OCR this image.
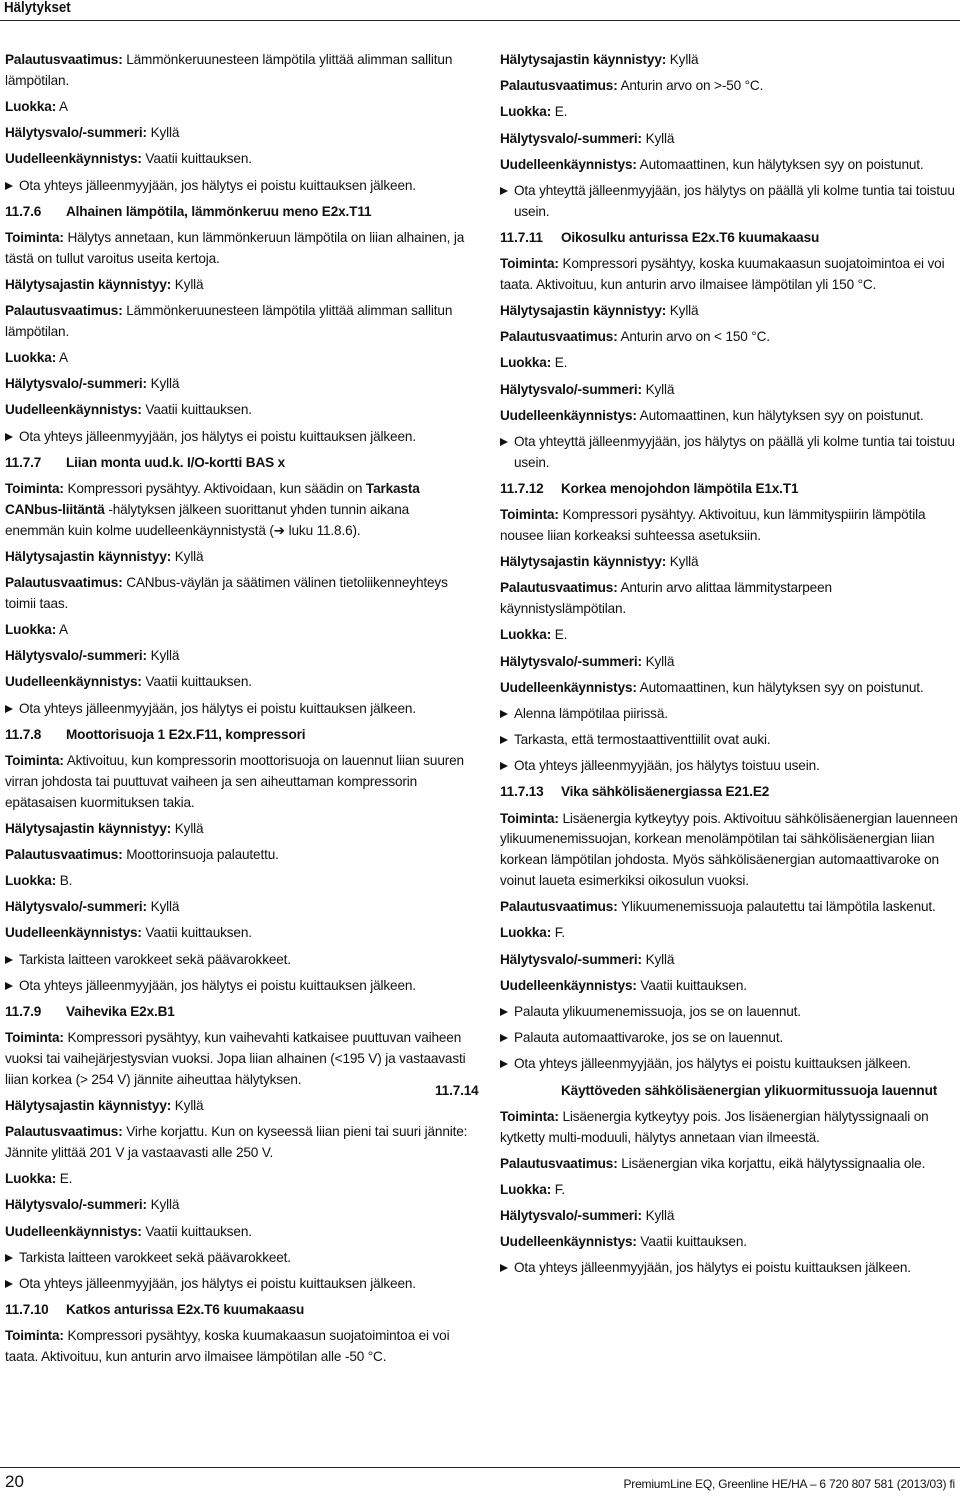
Hälytykset

Palautusvaatimus: Lämmönkeruunesteen lämpötila ylittää alimman sallitun lämpötilan.

Luokka: A

Hälytysvalo/-summeri: Kyllä

Uudelleenkäynnistys: Vaatii kuittauksen.

Ota yhteys jälleenmyyjään, jos hälytys ei poistu kuittauksen jälkeen.

11.7.6 Alhainen lämpötila, lämmönkeruu meno E2x.T11

Toiminta: Hälytys annetaan, kun lämmönkeruun lämpötila on liian alhainen, ja tästä on tullut varoitus useita kertoja.

Hälytysajastin käynnistyy: Kyllä

Palautusvaatimus: Lämmönkeruunesteen lämpötila ylittää alimman sallitun lämpötilan.

Luokka: A

Hälytysvalo/-summeri: Kyllä

Uudelleenkäynnistys: Vaatii kuittauksen.

Ota yhteys jälleenmyyjään, jos hälytys ei poistu kuittauksen jälkeen.

11.7.7 Liian monta uud.k. I/O-kortti BAS x

Toiminta: Kompressori pysähtyy. Aktivoidaan, kun säädin on Tarkasta CANbus-liitäntä -hälytyksen jälkeen suorittanut yhden tunnin aikana enemmän kuin kolme uudelleenkäynnistystä (➔ luku 11.8.6).

Hälytysajastin käynnistyy: Kyllä

Palautusvaatimus: CANbus-väylän ja säätimen välinen tietoliikenneyhteys toimii taas.

Luokka: A

Hälytysvalo/-summeri: Kyllä

Uudelleenkäynnistys: Vaatii kuittauksen.

Ota yhteys jälleenmyyjään, jos hälytys ei poistu kuittauksen jälkeen.

11.7.8 Moottorisuoja 1 E2x.F11, kompressori

Toiminta: Aktivoituu, kun kompressorin moottorisuoja on lauennut liian suuren virran johdosta tai puuttuvat vaiheen ja sen aiheuttaman kompressorin epätasaisen kuormituksen takia.

Hälytysajastin käynnistyy: Kyllä

Palautusvaatimus: Moottorinsuoja palautettu.

Luokka: B.

Hälytysvalo/-summeri: Kyllä

Uudelleenkäynnistys: Vaatii kuittauksen.

Tarkista laitteen varokkeet sekä päävarokkeet.

Ota yhteys jälleenmyyjään, jos hälytys ei poistu kuittauksen jälkeen.

11.7.9 Vaihevika E2x.B1

Toiminta: Kompressori pysähtyy, kun vaihevahti katkaisee puuttuvan vaiheen vuoksi tai vaihejärjestysvian vuoksi. Jopa liian alhainen (<195 V) ja vastaavasti liian korkea (> 254 V) jännite aiheuttaa hälytyksen.

Hälytysajastin käynnistyy: Kyllä

Palautusvaatimus: Virhe korjattu. Kun on kyseessä liian pieni tai suuri jännite: Jännite ylittää 201 V ja vastaavasti alle 250 V.

Luokka: E.

Hälytysvalo/-summeri: Kyllä

Uudelleenkäynnistys: Vaatii kuittauksen.

Tarkista laitteen varokkeet sekä päävarokkeet.

Ota yhteys jälleenmyyjään, jos hälytys ei poistu kuittauksen jälkeen.

11.7.10 Katkos anturissa E2x.T6 kuumakaasu

Toiminta: Kompressori pysähtyy, koska kuumakaasun suojatoimintoa ei voi taata. Aktivoituu, kun anturin arvo ilmaisee lämpötilan alle -50 °C.

Hälytysajastin käynnistyy: Kyllä

Palautusvaatimus: Anturin arvo on >-50 °C.

Luokka: E.

Hälytysvalo/-summeri: Kyllä

Uudelleenkäynnistys: Automaattinen, kun hälytyksen syy on poistunut.

Ota yhteyttä jälleenmyyjään, jos hälytys on päällä yli kolme tuntia tai toistuu usein.

11.7.11 Oikosulku anturissa E2x.T6 kuumakaasu

Toiminta: Kompressori pysähtyy, koska kuumakaasun suojatoimintoa ei voi taata. Aktivoituu, kun anturin arvo ilmaisee lämpötilan yli 150 °C.

Hälytysajastin käynnistyy: Kyllä

Palautusvaatimus: Anturin arvo on < 150 °C.

Luokka: E.

Hälytysvalo/-summeri: Kyllä

Uudelleenkäynnistys: Automaattinen, kun hälytyksen syy on poistunut.

Ota yhteyttä jälleenmyyjään, jos hälytys on päällä yli kolme tuntia tai toistuu usein.

11.7.12 Korkea menojohdon lämpötila E1x.T1

Toiminta: Kompressori pysähtyy. Aktivoituu, kun lämmityspiirin lämpötila nousee liian korkeaksi suhteessa asetuksiin.

Hälytysajastin käynnistyy: Kyllä

Palautusvaatimus: Anturin arvo alittaa lämmitystarpeen käynnistyslämpötilan.

Luokka: E.

Hälytysvalo/-summeri: Kyllä

Uudelleenkäynnistys: Automaattinen, kun hälytyksen syy on poistunut.

Alenna lämpötilaa piirissä.

Tarkasta, että termostaattiventtiilit ovat auki.

Ota yhteys jälleenmyyjään, jos hälytys toistuu usein.

11.7.13 Vika sähkölisäenergiassa E21.E2

Toiminta: Lisäenergia kytkeytyy pois. Aktivoituu sähkölisäenergian lauenneen ylikuumenemissuojan, korkean menolämpötilan tai sähkölisäenergian liian korkean lämpötilan johdosta. Myös sähkölisäenergian automaattivaroke on voinut laueta esimerkiksi oikosulun vuoksi.

Palautusvaatimus: Ylikuumenemissuoja palautettu tai lämpötila laskenut.

Luokka: F.

Hälytysvalo/-summeri: Kyllä

Uudelleenkäynnistys: Vaatii kuittauksen.

Palauta ylikuumenemissuoja, jos se on lauennut.

Palauta automaattivaroke, jos se on lauennut.

Ota yhteys jälleenmyyjään, jos hälytys ei poistu kuittauksen jälkeen.

11.7.14	Käyttöveden sähkölisäenergian ylikuormitussuoja lauennut

Toiminta: Lisäenergia kytkeytyy pois. Jos lisäenergian hälytyssignaali on kytketty multi-moduuli, hälytys annetaan vian ilmeestä.

Palautusvaatimus: Lisäenergian vika korjattu, eikä hälytyssignaalia ole.

Luokka: F.

Hälytysvalo/-summeri: Kyllä

Uudelleenkäynnistys: Vaatii kuittauksen.

Ota yhteys jälleenmyyjään, jos hälytys ei poistu kuittauksen jälkeen.

20	PremiumLine EQ, Greenline HE/HA – 6 720 807 581 (2013/03) fi
